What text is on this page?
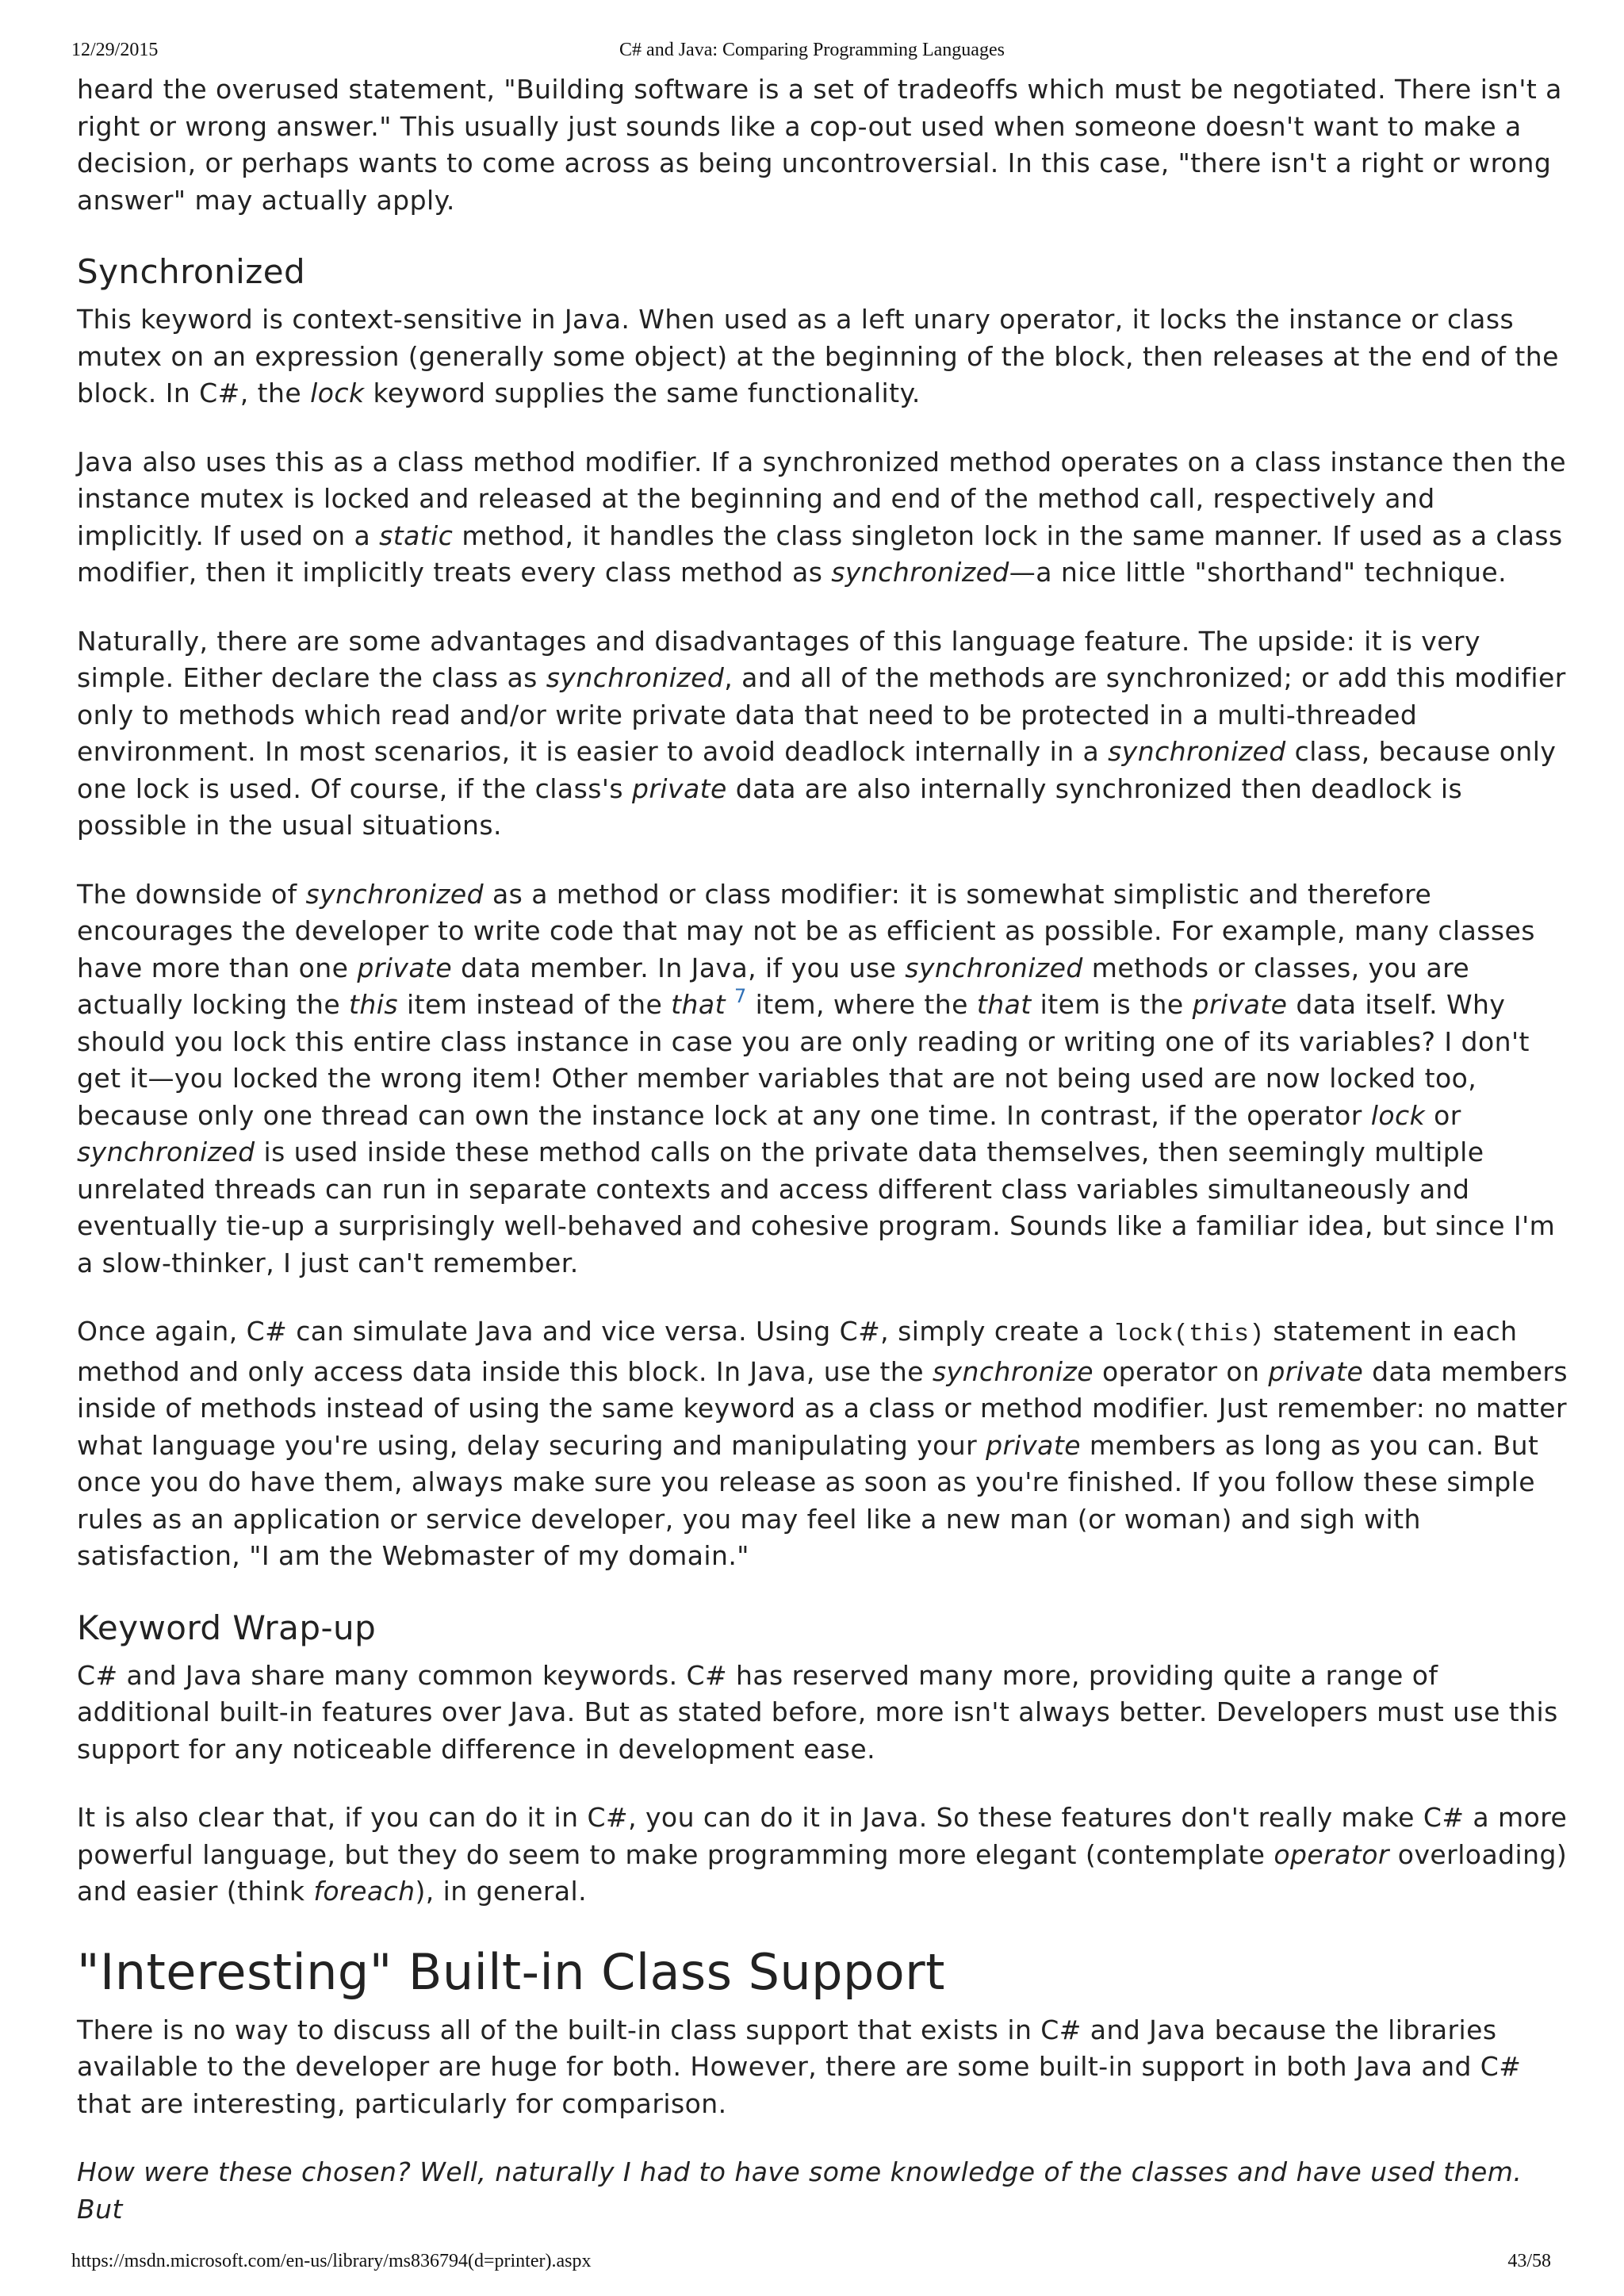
12/29/2015	C# and Java: Comparing Programming Languages

heard the overused statement, "Building software is a set of tradeoffs which must be negotiated. There isn't a right or wrong answer." This usually just sounds like a cop-out used when someone doesn't want to make a decision, or perhaps wants to come across as being uncontroversial. In this case, "there isn't a right or wrong answer" may actually apply.

Synchronized

This keyword is context-sensitive in Java. When used as a left unary operator, it locks the instance or class mutex on an expression (generally some object) at the beginning of the block, then releases at the end of the block. In C#, the lock keyword supplies the same functionality.

Java also uses this as a class method modifier. If a synchronized method operates on a class instance then the instance mutex is locked and released at the beginning and end of the method call, respectively and implicitly. If used on a static method, it handles the class singleton lock in the same manner. If used as a class modifier, then it implicitly treats every class method as synchronized—a nice little "shorthand" technique.

Naturally, there are some advantages and disadvantages of this language feature. The upside: it is very simple. Either declare the class as synchronized, and all of the methods are synchronized; or add this modifier only to methods which read and/or write private data that need to be protected in a multi-threaded environment. In most scenarios, it is easier to avoid deadlock internally in a synchronized class, because only one lock is used. Of course, if the class's private data are also internally synchronized then deadlock is possible in the usual situations.

The downside of synchronized as a method or class modifier: it is somewhat simplistic and therefore encourages the developer to write code that may not be as efficient as possible. For example, many classes have more than one private data member. In Java, if you use synchronized methods or classes, you are actually locking the this item instead of the that $^7$ item, where the that item is the private data itself. Why should you lock this entire class instance in case you are only reading or writing one of its variables? I don't get it—you locked the wrong item! Other member variables that are not being used are now locked too, because only one thread can own the instance lock at any one time. In contrast, if the operator lock or synchronized is used inside these method calls on the private data themselves, then seemingly multiple unrelated threads can run in separate contexts and access different class variables simultaneously and eventually tie-up a surprisingly well-behaved and cohesive program. Sounds like a familiar idea, but since I'm a slow-thinker, I just can't remember.

Once again, C# can simulate Java and vice versa. Using C#, simply create a lock(this) statement in each method and only access data inside this block. In Java, use the synchronize operator on private data members inside of methods instead of using the same keyword as a class or method modifier. Just remember: no matter what language you're using, delay securing and manipulating your private members as long as you can. But once you do have them, always make sure you release as soon as you're finished. If you follow these simple rules as an application or service developer, you may feel like a new man (or woman) and sigh with satisfaction, "I am the Webmaster of my domain."

Keyword Wrap-up

C# and Java share many common keywords. C# has reserved many more, providing quite a range of additional built-in features over Java. But as stated before, more isn't always better. Developers must use this support for any noticeable difference in development ease.

It is also clear that, if you can do it in C#, you can do it in Java. So these features don't really make C# a more powerful language, but they do seem to make programming more elegant (contemplate operator overloading) and easier (think foreach), in general.

"Interesting" Built-in Class Support

There is no way to discuss all of the built-in class support that exists in C# and Java because the libraries available to the developer are huge for both. However, there are some built-in support in both Java and C# that are interesting, particularly for comparison.

How were these chosen? Well, naturally I had to have some knowledge of the classes and have used them. But

https://msdn.microsoft.com/en-us/library/ms836794(d=printer).aspx	43/58
